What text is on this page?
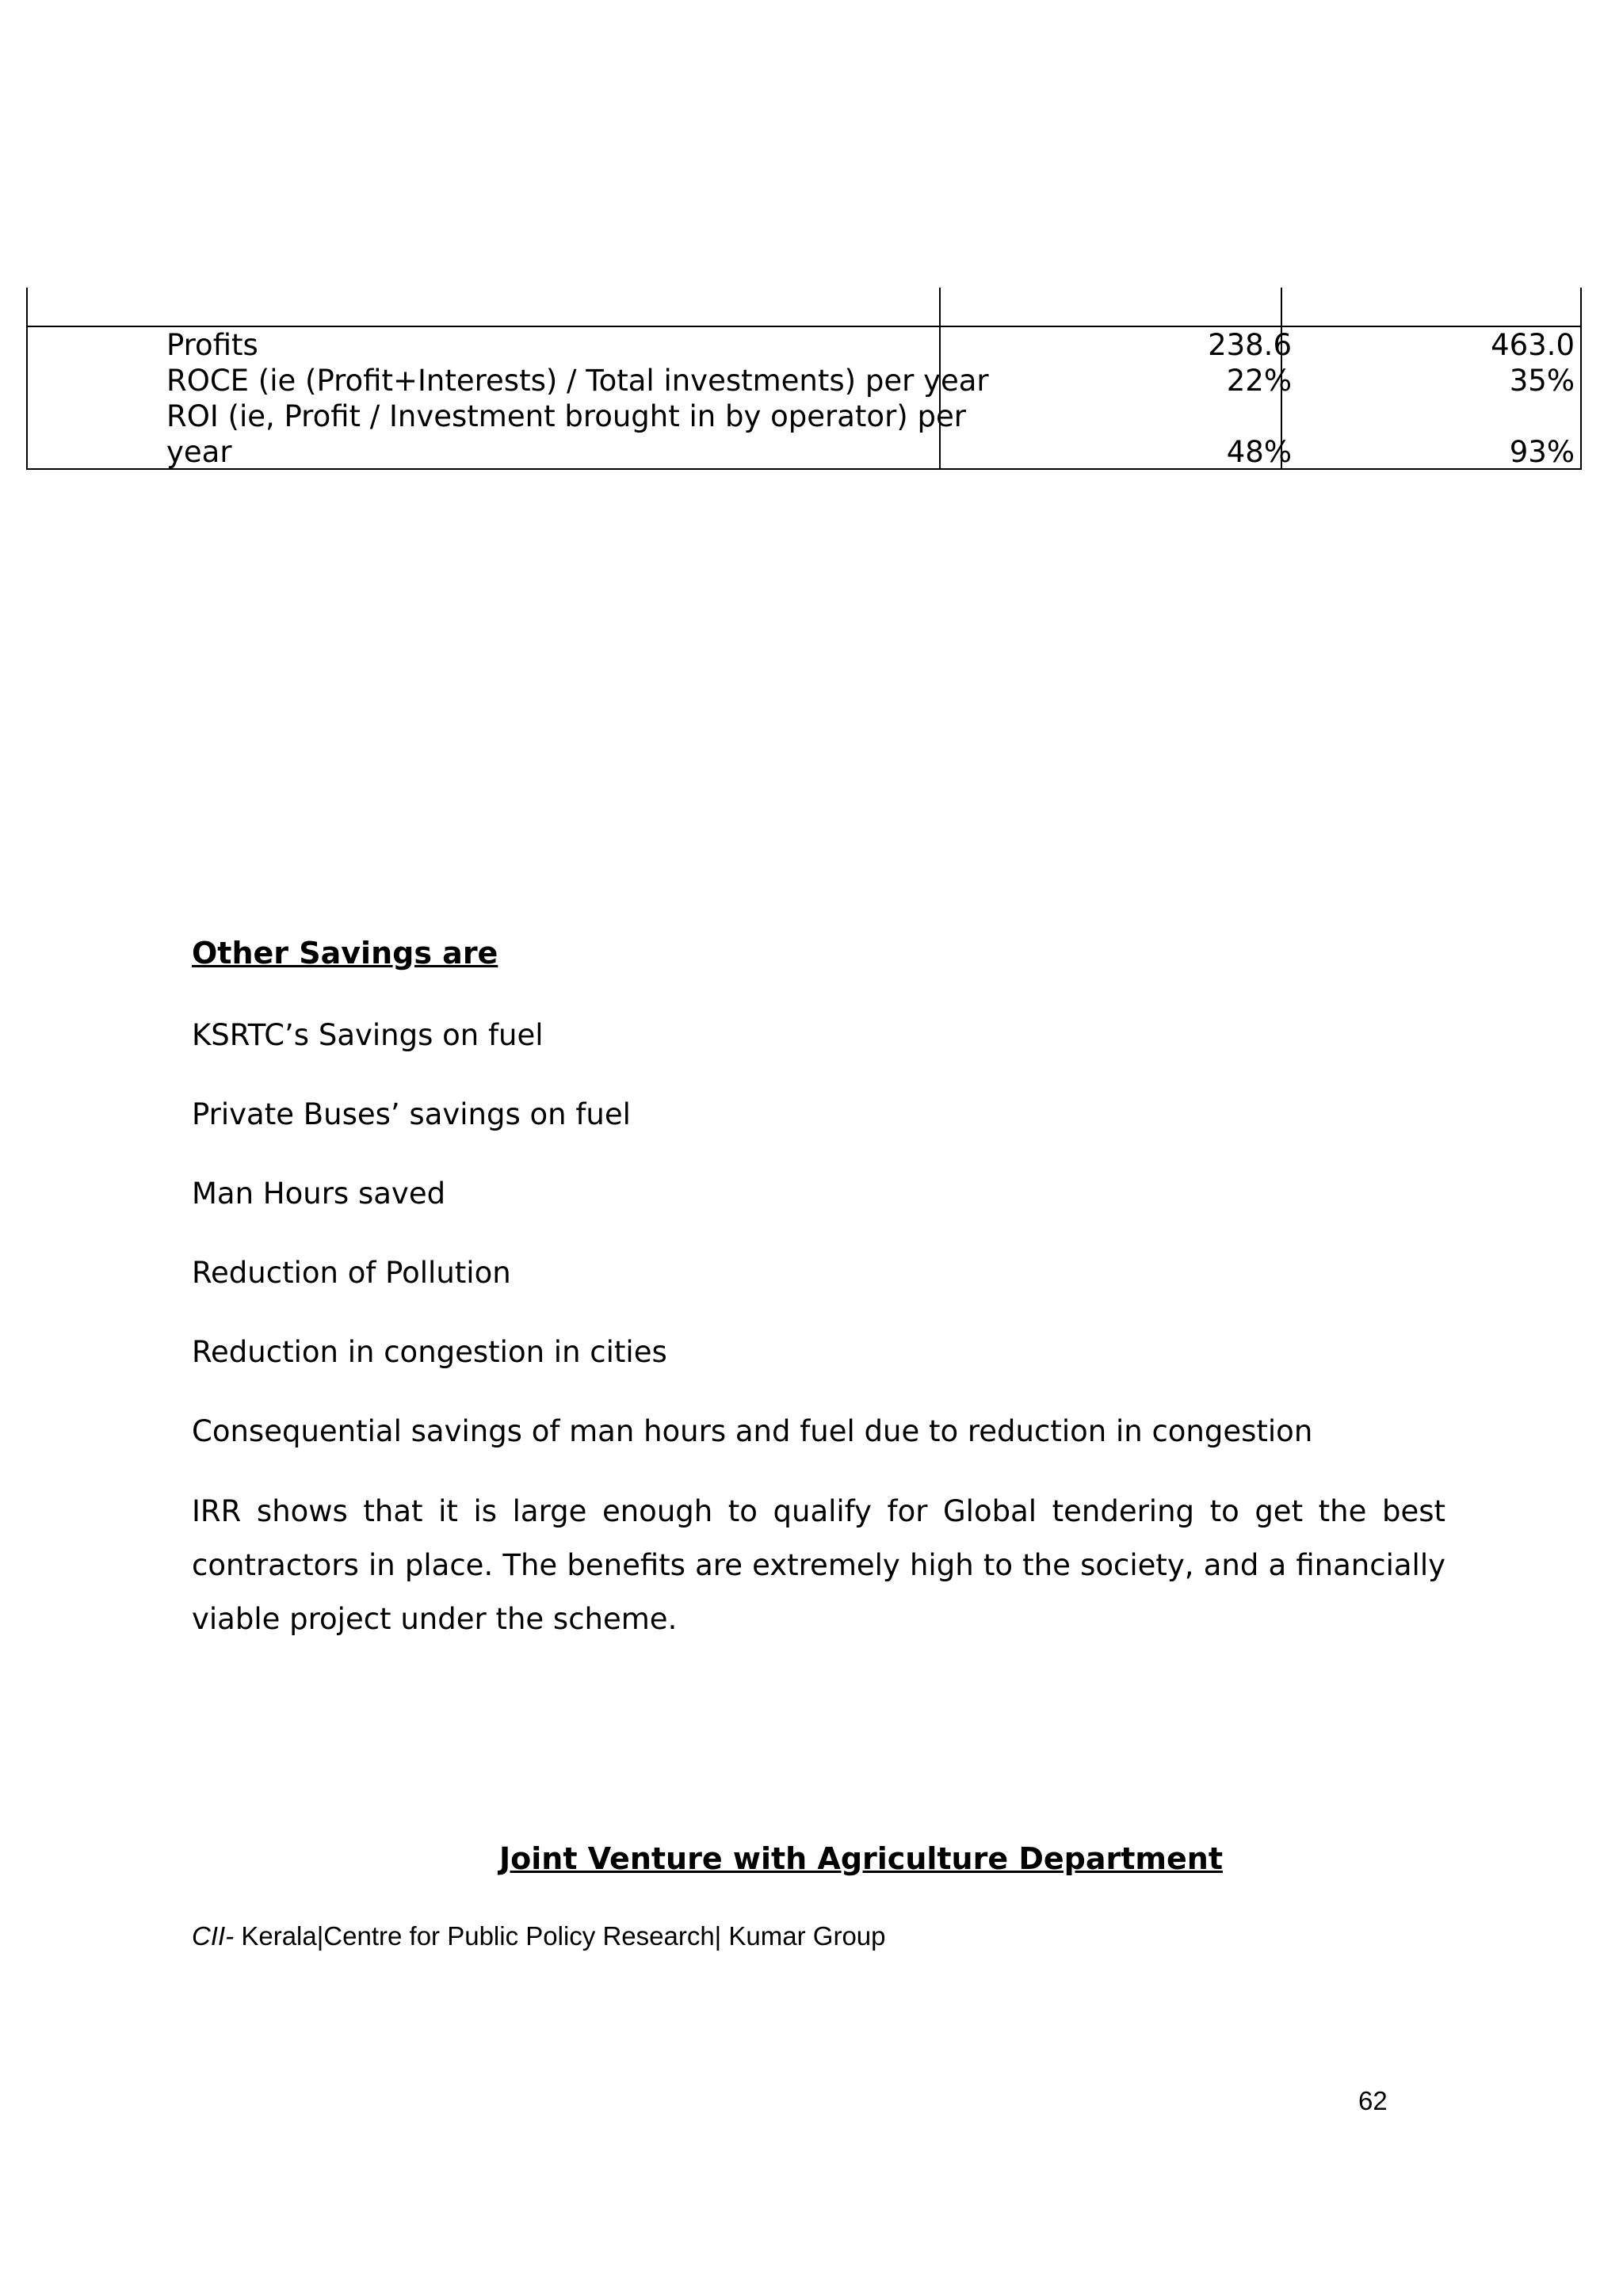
Profits	238.6	463.0
ROCE (ie (Profit+Interests) / Total investments) per year	22%	35%
ROI (ie, Profit / Investment brought in by operator) per
year	48%	93%
Other Savings are
KSRTC’s Savings on fuel
Private Buses’ savings on fuel
Man Hours saved
Reduction of Pollution
Reduction in congestion in cities
Consequential savings of man hours and fuel due to reduction in congestion
IRR shows that it is large enough to qualify for Global tendering to get the best contractors in place. The benefits are extremely high to the society, and a financially viable project under the scheme.
Joint Venture with Agriculture Department
CII- Kerala|Centre for Public Policy Research| Kumar Group
62
